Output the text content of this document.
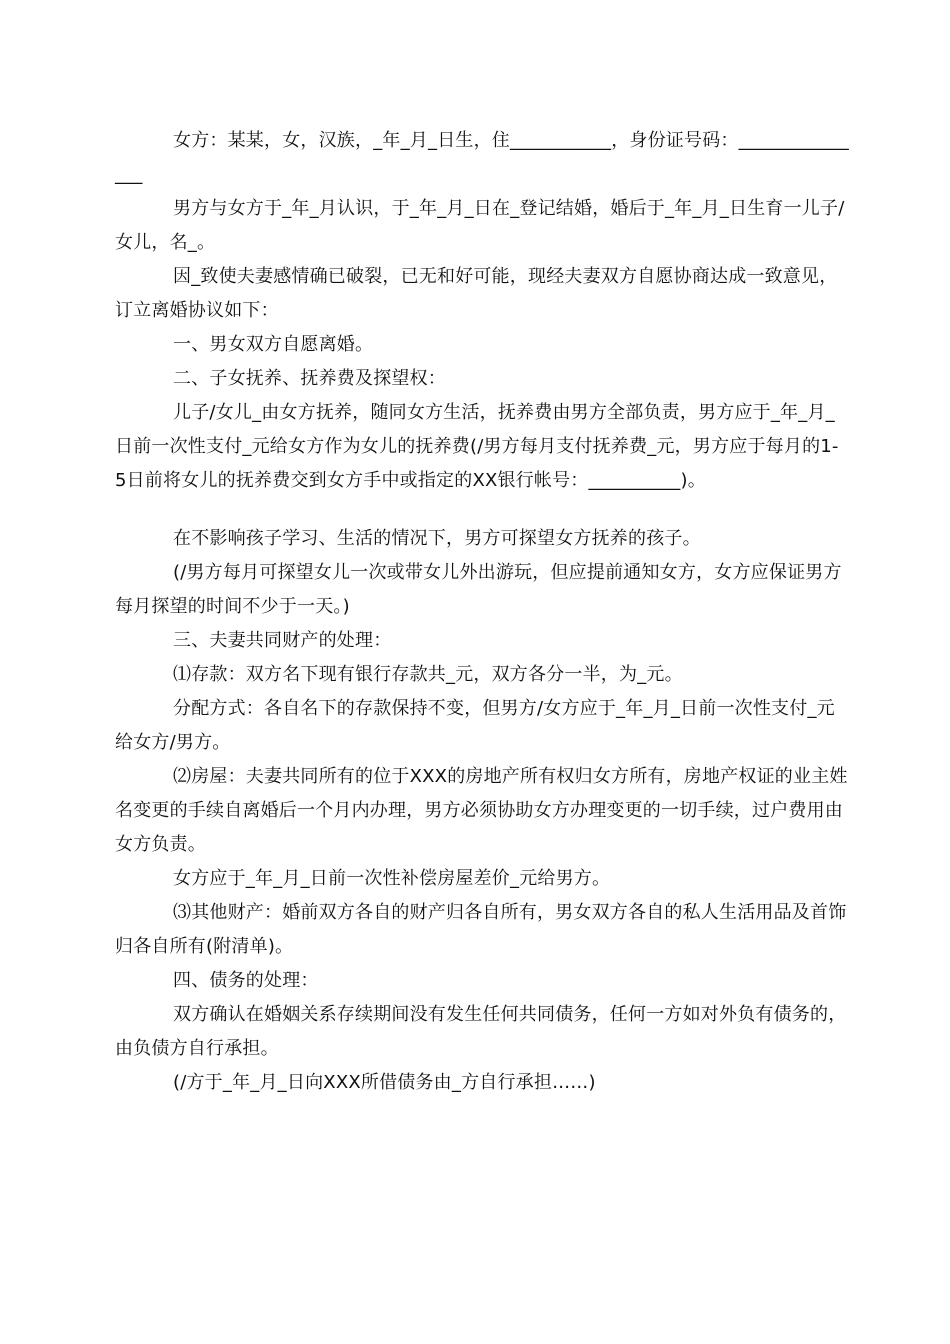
女方：某某，女，汉族，_年_月_日生，住___________，身份证号码：_______________

男方与女方于_年_月认识，于_年_月_日在_登记结婚，婚后于_年_月_日生育一儿子/女儿，名_。

因_致使夫妻感情确已破裂，已无和好可能，现经夫妻双方自愿协商达成一致意见，订立离婚协议如下：

一、男女双方自愿离婚。

二、子女抚养、抚养费及探望权：

儿子/女儿_由女方抚养，随同女方生活，抚养费由男方全部负责，男方应于_年_月_日前一次性支付_元给女方作为女儿的抚养费(/男方每月支付抚养费_元，男方应于每月的1-5日前将女儿的抚养费交到女方手中或指定的XX银行帐号：__________)。

在不影响孩子学习、生活的情况下，男方可探望女方抚养的孩子。

(/男方每月可探望女儿一次或带女儿外出游玩，但应提前通知女方，女方应保证男方每月探望的时间不少于一天。)

三、夫妻共同财产的处理：

⑴存款：双方名下现有银行存款共_元，双方各分一半，为_元。

分配方式：各自名下的存款保持不变，但男方/女方应于_年_月_日前一次性支付_元给女方/男方。

⑵房屋：夫妻共同所有的位于XXX的房地产所有权归女方所有，房地产权证的业主姓名变更的手续自离婚后一个月内办理，男方必须协助女方办理变更的一切手续，过户费用由女方负责。

女方应于_年_月_日前一次性补偿房屋差价_元给男方。

⑶其他财产：婚前双方各自的财产归各自所有，男女双方各自的私人生活用品及首饰归各自所有(附清单)。

四、债务的处理：

双方确认在婚姻关系存续期间没有发生任何共同债务，任何一方如对外负有债务的，由负债方自行承担。

(/方于_年_月_日向XXX所借债务由_方自行承担……)
